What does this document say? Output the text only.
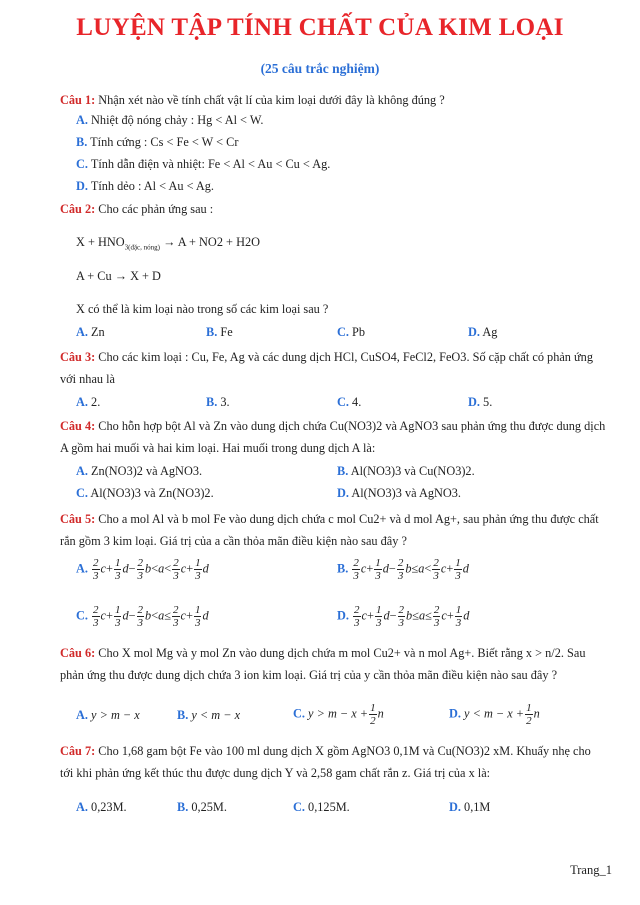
LUYỆN TẬP TÍNH CHẤT CỦA KIM LOẠI
(25 câu trắc nghiệm)
Câu 1: Nhận xét nào về tính chất vật lí của kim loại dưới đây là không đúng ?
A. Nhiệt độ nóng chảy : Hg < Al < W.
B. Tính cứng : Cs < Fe < W < Cr
C. Tính dẫn điện và nhiệt: Fe < Al < Au < Cu < Ag.
D. Tính dẻo : Al < Au < Ag.
Câu 2: Cho các phản ứng sau :
$X + HNO_{3(đặc, nóng)} \to A + NO2 + H2O$
A + Cu → X + D
X có thể là kim loại nào trong số các kim loại sau ?
A. Zn	B. Fe	C. Pb	D. Ag
Câu 3: Cho các kim loại : Cu, Fe, Ag và các dung dịch HCl, CuSO4, FeCl2, FeO3. Số cặp chất có phản ứng
với nhau là
A. 2.	B. 3.	C. 4.	D. 5.
Câu 4: Cho hỗn hợp bột Al và Zn vào dung dịch chứa Cu(NO3)2 và AgNO3 sau phản ứng thu được dung dịch
A gồm hai muối và hai kim loại. Hai muối trong dung dịch A là:
A. Zn(NO3)2 và AgNO3.	B. Al(NO3)3 và Cu(NO3)2.
C. Al(NO3)3 và Zn(NO3)2.	D. Al(NO3)3 và AgNO3.
Câu 5: Cho a mol Al và b mol Fe vào dung dịch chứa c mol Cu2+ và d mol Ag+, sau phản ứng thu được chất
rắn gồm 3 kim loại. Giá trị của a cần thỏa mãn điều kiện nào sau đây ?
A. $\frac{2}{3} c+ \frac{1}{3} d- \frac{2}{3} b<a< \frac{2}{3} c+ \frac{1}{3}$ d	B. $\frac{2}{3} c+ \frac{1}{3} d- \frac{2}{3} b\le a< \frac{2}{3} c+ \frac{1}{3}$ d
C. $\frac{2}{3} c+ \frac{1}{3} d- \frac{2}{3} b<a\le \frac{2}{3} c+ \frac{1}{3}$ d	D. $\frac{2}{3} c+ \frac{1}{3} d- \frac{2}{3} b\le a\le \frac{2}{3} c+ \frac{1}{3}$ d
Câu 6: Cho X mol Mg và y mol Zn vào dung dịch chứa m mol Cu2+ và n mol Ag+. Biết rằng x > n/2. Sau
phản ứng thu được dung dịch chứa 3 ion kim loại. Giá trị của y cần thỏa mãn điều kiện nào sau đây ?
A. y > m − x	B. y < m − x	C. $y > m - x + \frac{1}{2}$ n	D. $y < m - x + \frac{1}{2}$ n
Câu 7: Cho 1,68 gam bột Fe vào 100 ml dung dịch X gồm AgNO3 0,1M và Cu(NO3)2 xM. Khuấy nhẹ cho
tới khi phản ứng kết thúc thu được dung dịch Y và 2,58 gam chất rắn z. Giá trị của x là:
A. 0,23M.	B. 0,25M.	C. 0,125M.	D. 0,1M
Trang_1
